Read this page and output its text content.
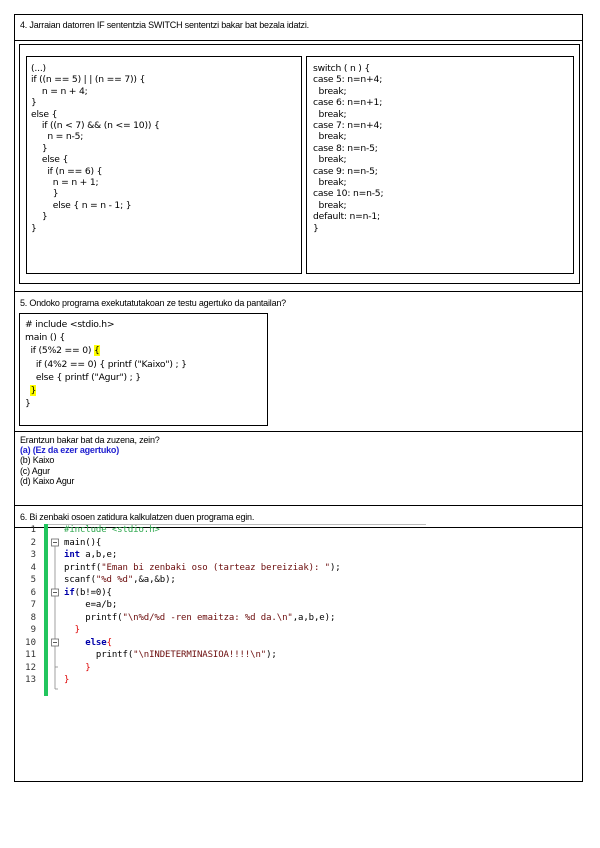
4. Jarraian datorren IF sententzia SWITCH sententzi bakar bat bezala idatzi.
(...)
if ((n == 5) | | (n == 7)) {
n = n + 4;
}
else {
if ((n < 7) && (n <= 10)) {
n = n-5;
}
else {
if (n == 6) {
n = n + 1;
}
else { n = n - 1; }
}
}
switch ( n ) {
case 5: n=n+4;
break;
case 6: n=n+1;
break;
case 7: n=n+4;
break;
case 8: n=n-5;
break;
case 9: n=n-5;
break;
case 10: n=n-5;
break;
default: n=n-1;
}
5. Ondoko programa exekutatutakoan ze testu agertuko da pantailan?
# include <stdio.h>
main () {
if (5%2 == 0) {
if (4%2 == 0) { printf ("Kaixo") ; }
else { printf ("Agur") ; }
}
}
Erantzun bakar bat da zuzena, zein?
(a) (Ez da ezer agertuko)
(b) Kaixo
(c) Agur
(d) Kaixo Agur
6. Bi zenbaki osoen zatidura kalkulatzen duen programa egin.
1
2
3
4
5
6
7
8
9
10
11
12
13
#include <stdio.h>
main(){
int a,b,e;
printf("Eman bi zenbaki oso (tarteaz bereiziak): ");
scanf("%d %d",&a,&b);
if(b!=0){
e=a/b;
printf("\n%d/%d -ren emaitza: %d da.\n",a,b,e);
}
else{
printf("\nINDETERMINASIOA!!!!\n");
}
}
